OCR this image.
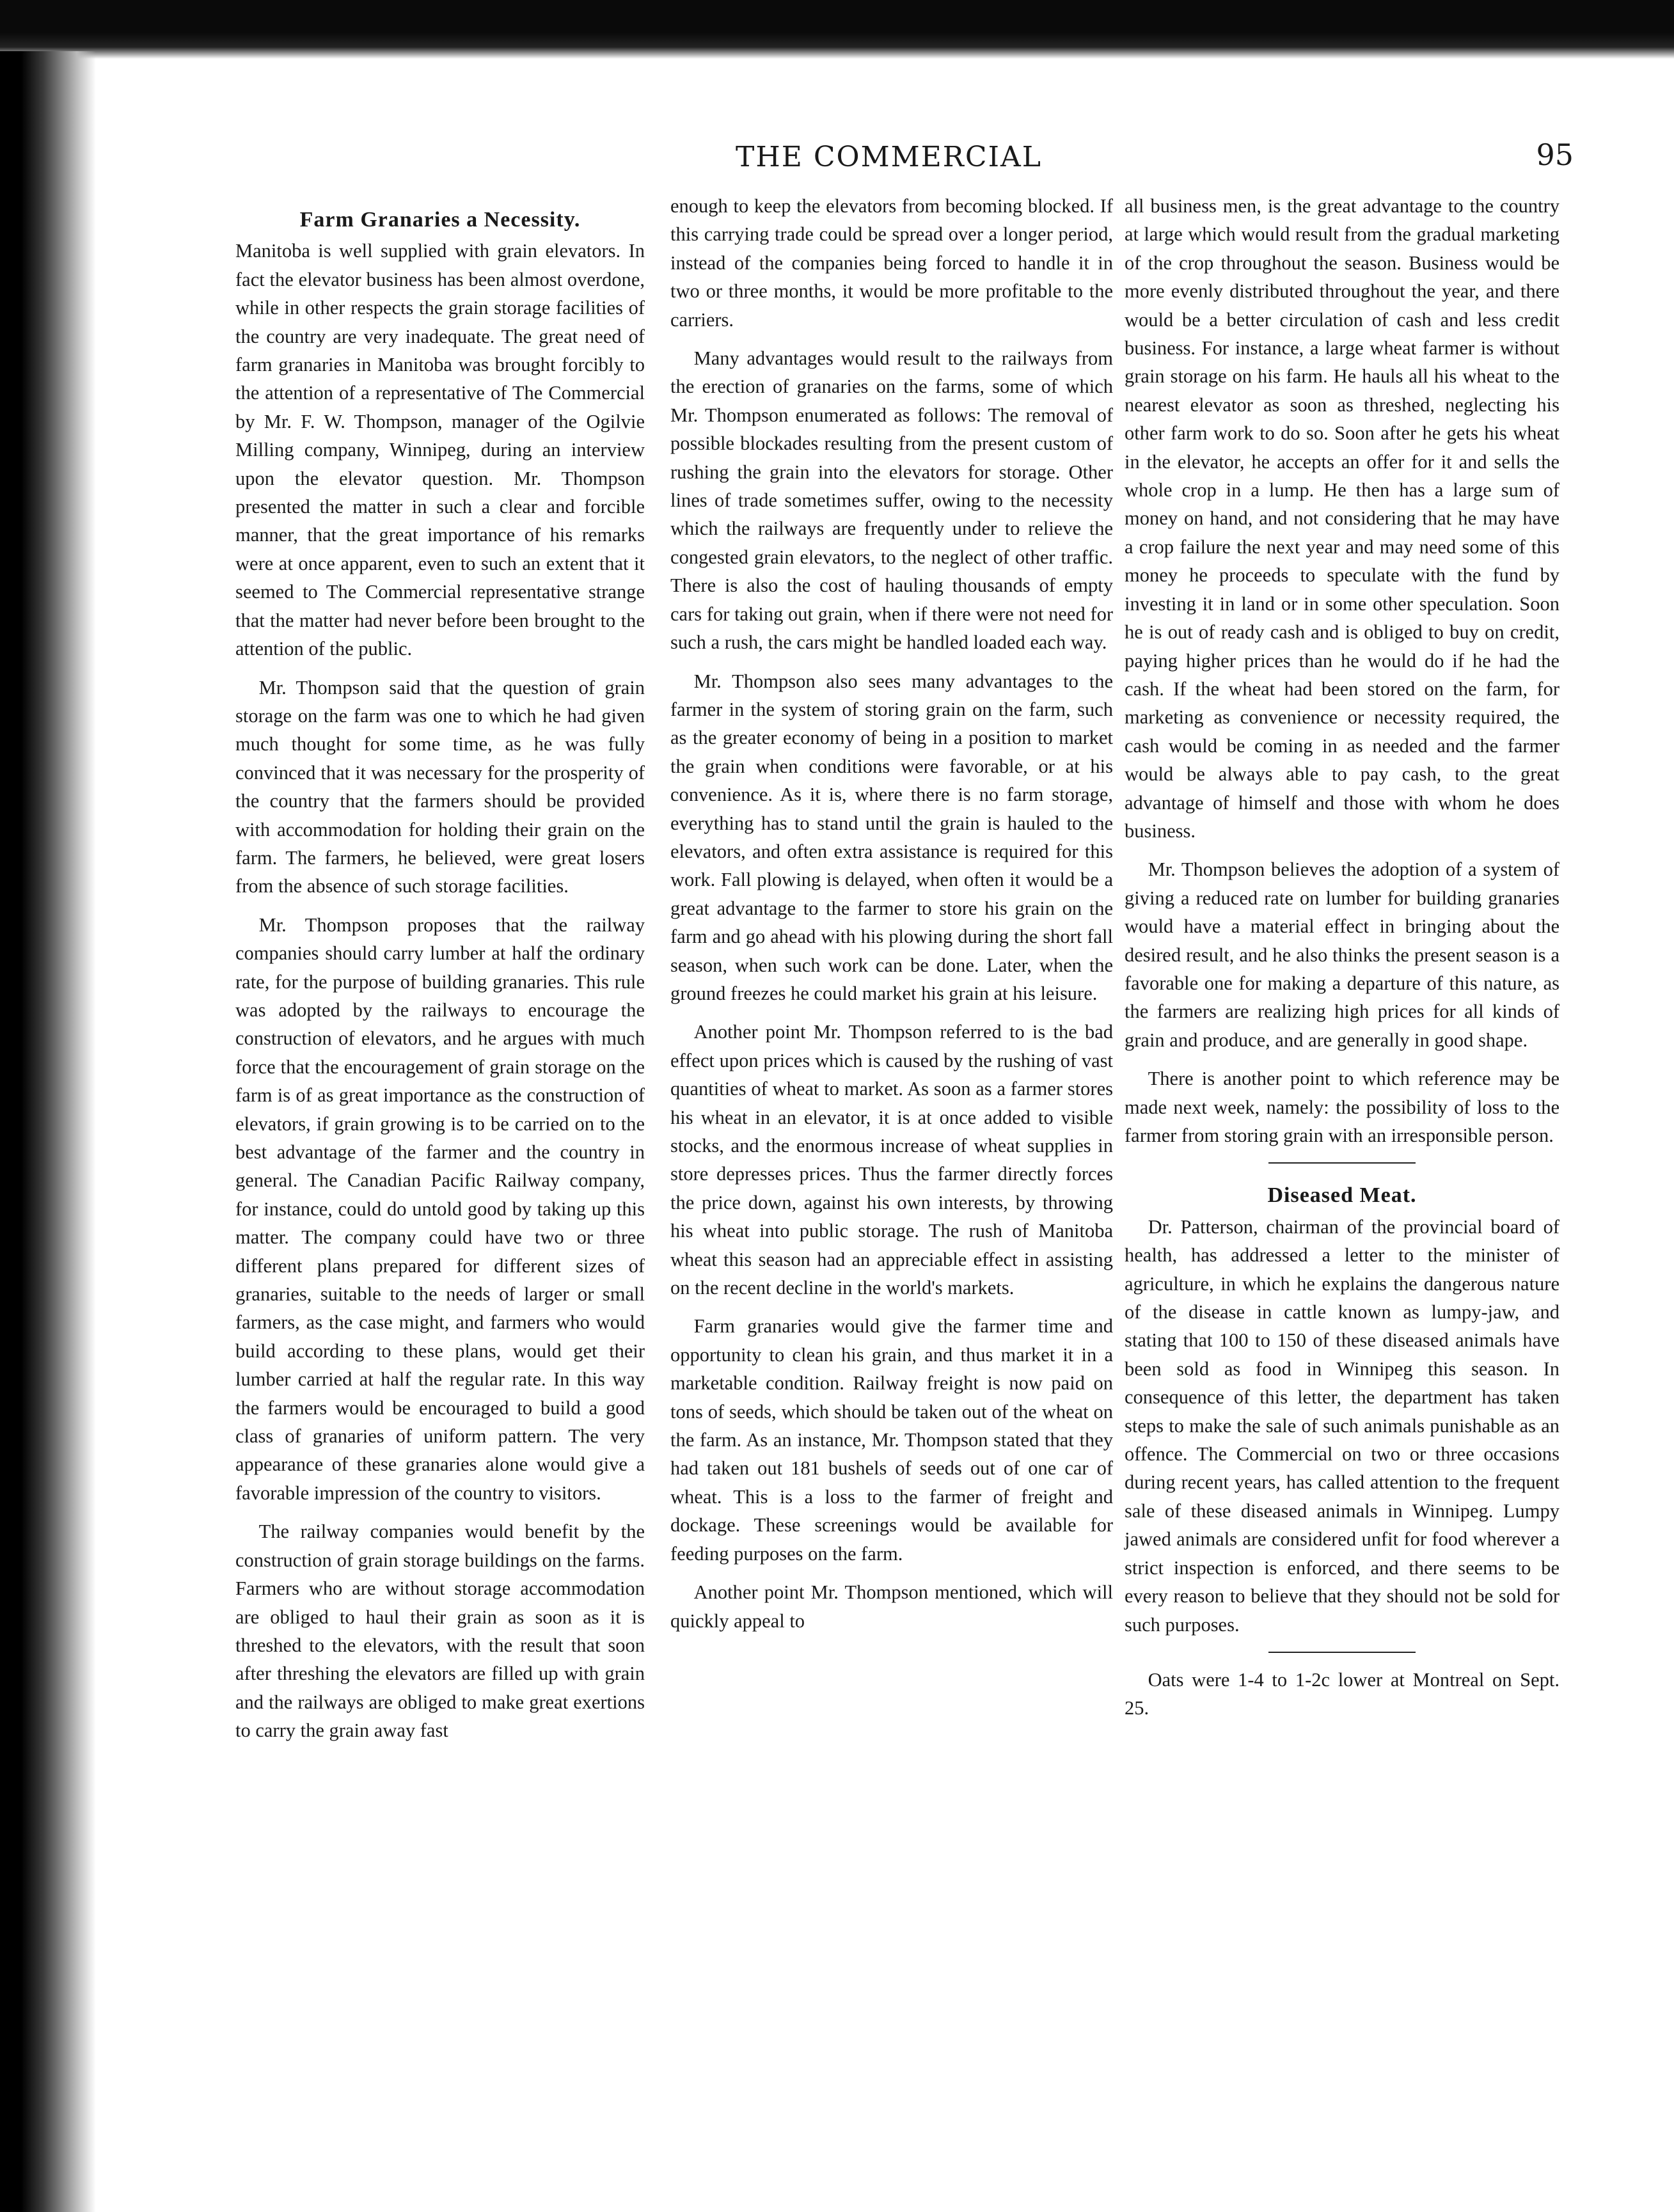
THE COMMERCIAL	95
Farm Granaries a Necessity.

Manitoba is well supplied with grain elevators. In fact the elevator business has been almost overdone, while in other respects the grain storage facilities of the country are very inadequate. The great need of farm granaries in Manitoba was brought forcibly to the attention of a representative of The Commercial by Mr. F. W. Thompson, manager of the Ogilvie Milling company, Winnipeg, during an interview upon the elevator question. Mr. Thompson presented the matter in such a clear and forcible manner, that the great importance of his remarks were at once apparent, even to such an extent that it seemed to The Commercial representative strange that the matter had never before been brought to the attention of the public.

Mr. Thompson said that the question of grain storage on the farm was one to which he had given much thought for some time, as he was fully convinced that it was necessary for the prosperity of the country that the farmers should be provided with accommodation for holding their grain on the farm. The farmers, he believed, were great losers from the absence of such storage facilities.

Mr. Thompson proposes that the railway companies should carry lumber at half the ordinary rate, for the purpose of building granaries. This rule was adopted by the railways to encourage the construction of elevators, and he argues with much force that the encouragement of grain storage on the farm is of as great importance as the construction of elevators, if grain growing is to be carried on to the best advantage of the farmer and the country in general. The Canadian Pacific Railway company, for instance, could do untold good by taking up this matter. The company could have two or three different plans prepared for different sizes of granaries, suitable to the needs of larger or small farmers, as the case might, and farmers who would build according to these plans, would get their lumber carried at half the regular rate. In this way the farmers would be encouraged to build a good class of granaries of uniform pattern. The very appearance of these granaries alone would give a favorable impression of the country to visitors.

The railway companies would benefit by the construction of grain storage buildings on the farms. Farmers who are without storage accommodation are obliged to haul their grain as soon as it is threshed to the elevators, with the result that soon after threshing the elevators are filled up with grain and the railways are obliged to make great exertions to carry the grain away fast

enough to keep the elevators from becoming blocked. If this carrying trade could be spread over a longer period, instead of the companies being forced to handle it in two or three months, it would be more profitable to the carriers.

Many advantages would result to the railways from the erection of granaries on the farms, some of which Mr. Thompson enumerated as follows: The removal of possible blockades resulting from the present custom of rushing the grain into the elevators for storage. Other lines of trade sometimes suffer, owing to the necessity which the railways are frequently under to relieve the congested grain elevators, to the neglect of other traffic. There is also the cost of hauling thousands of empty cars for taking out grain, when if there were not need for such a rush, the cars might be handled loaded each way.

Mr. Thompson also sees many advantages to the farmer in the system of storing grain on the farm, such as the greater economy of being in a position to market the grain when conditions were favorable, or at his convenience. As it is, where there is no farm storage, everything has to stand until the grain is hauled to the elevators, and often extra assistance is required for this work. Fall plowing is delayed, when often it would be a great advantage to the farmer to store his grain on the farm and go ahead with his plowing during the short fall season, when such work can be done. Later, when the ground freezes he could market his grain at his leisure.

Another point Mr. Thompson referred to is the bad effect upon prices which is caused by the rushing of vast quantities of wheat to market. As soon as a farmer stores his wheat in an elevator, it is at once added to visible stocks, and the enormous increase of wheat supplies in store depresses prices. Thus the farmer directly forces the price down, against his own interests, by throwing his wheat into public storage. The rush of Manitoba wheat this season had an appreciable effect in assisting on the recent decline in the world's markets.

Farm granaries would give the farmer time and opportunity to clean his grain, and thus market it in a marketable condition. Railway freight is now paid on tons of seeds, which should be taken out of the wheat on the farm. As an instance, Mr. Thompson stated that they had taken out 181 bushels of seeds out of one car of wheat. This is a loss to the farmer of freight and dockage. These screenings would be available for feeding purposes on the farm.

Another point Mr. Thompson mentioned, which will quickly appeal to

all business men, is the great advantage to the country at large which would result from the gradual marketing of the crop throughout the season. Business would be more evenly distributed throughout the year, and there would be a better circulation of cash and less credit business. For instance, a large wheat farmer is without grain storage on his farm. He hauls all his wheat to the nearest elevator as soon as threshed, neglecting his other farm work to do so. Soon after he gets his wheat in the elevator, he accepts an offer for it and sells the whole crop in a lump. He then has a large sum of money on hand, and not considering that he may have a crop failure the next year and may need some of this money he proceeds to speculate with the fund by investing it in land or in some other speculation. Soon he is out of ready cash and is obliged to buy on credit, paying higher prices than he would do if he had the cash. If the wheat had been stored on the farm, for marketing as convenience or necessity required, the cash would be coming in as needed and the farmer would be always able to pay cash, to the great advantage of himself and those with whom he does business.

Mr. Thompson believes the adoption of a system of giving a reduced rate on lumber for building granaries would have a material effect in bringing about the desired result, and he also thinks the present season is a favorable one for making a departure of this nature, as the farmers are realizing high prices for all kinds of grain and produce, and are generally in good shape.

There is another point to which reference may be made next week, namely: the possibility of loss to the farmer from storing grain with an irresponsible person.

Diseased Meat.

Dr. Patterson, chairman of the provincial board of health, has addressed a letter to the minister of agriculture, in which he explains the dangerous nature of the disease in cattle known as lumpy-jaw, and stating that 100 to 150 of these diseased animals have been sold as food in Winnipeg this season. In consequence of this letter, the department has taken steps to make the sale of such animals punishable as an offence. The Commercial on two or three occasions during recent years, has called attention to the frequent sale of these diseased animals in Winnipeg. Lumpy jawed animals are considered unfit for food wherever a strict inspection is enforced, and there seems to be every reason to believe that they should not be sold for such purposes.

Oats were 1-4 to 1-2c lower at Montreal on Sept. 25.
